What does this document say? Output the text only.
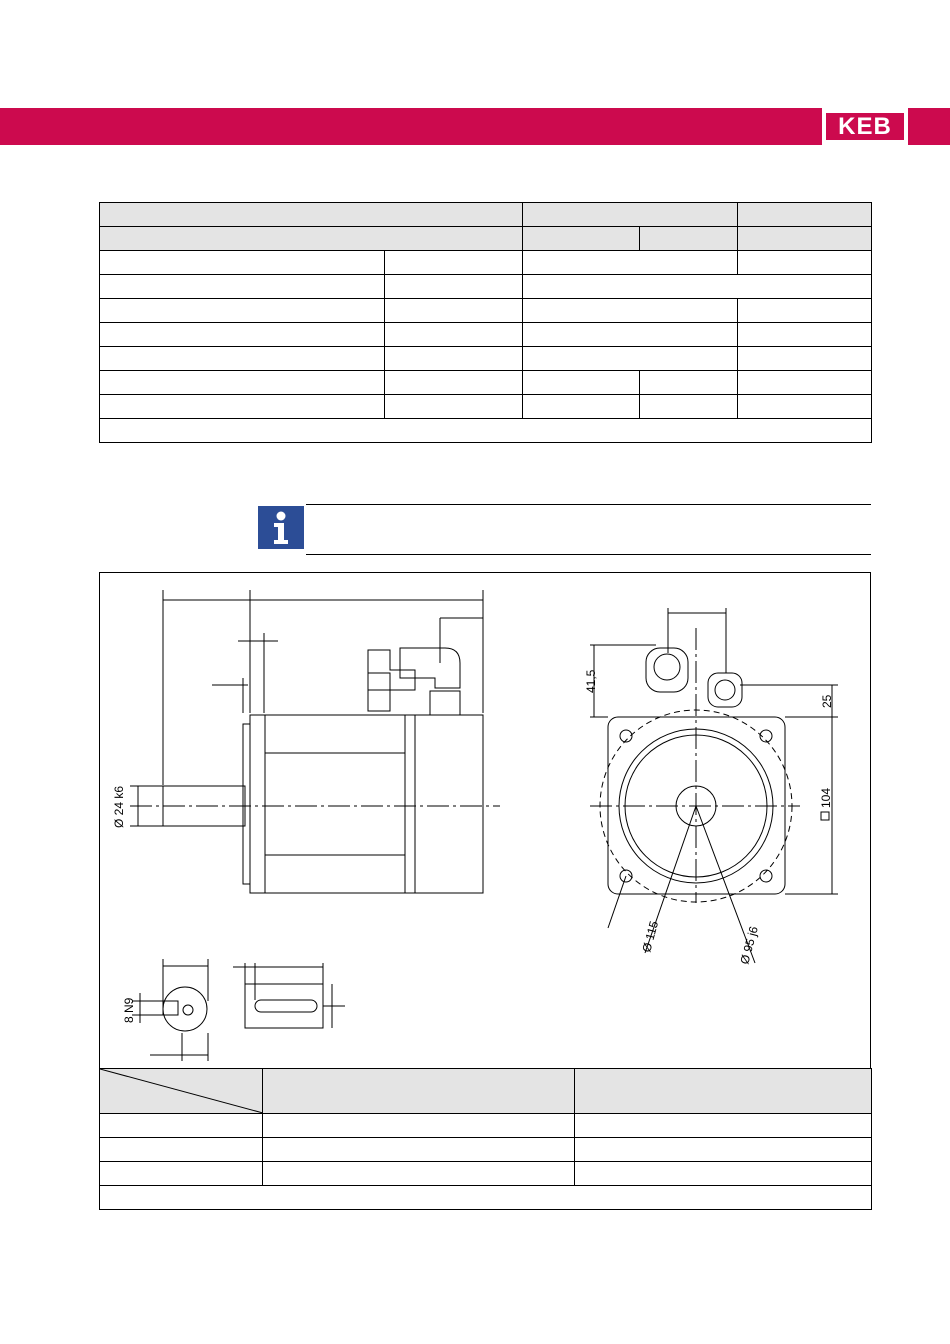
KEB

Ø 24 k6
41,5
25
104
Ø 115	Ø 95 j6
8 N9
